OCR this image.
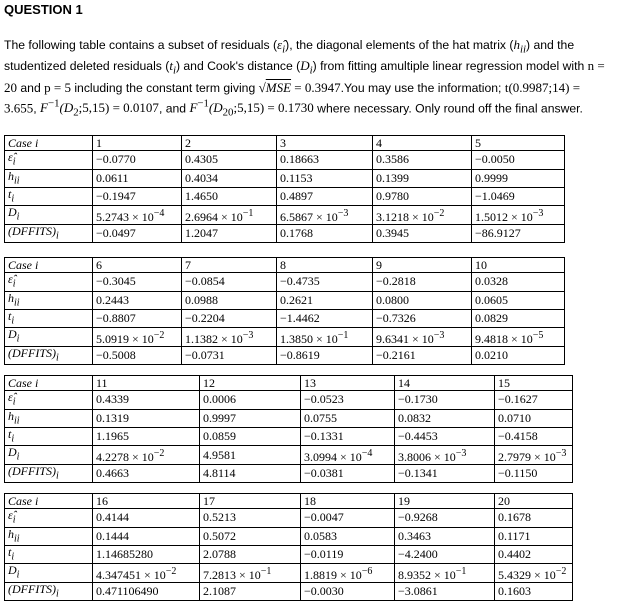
QUESTION 1
The following table contains a subset of residuals $(\varepsilon̂_i)$, the diagonal elements of the hat matrix $(h_{ii})$ and the studentized deleted residuals $(t_i)$ and Cook's distance $(D_i)$ from fitting amultiple linear regression model with n = 20 and p = 5 including the constant term giving √MSE = 0.3947.You may use the information; t(0.9987;14) = 3.655, $F^{-1}(D_2;5,15) = 0.0107$, and $F^{-1}(D_{20};5,15) = 0.1730$ where necessary. Only round off the final answer.
Case i	1	2	3	4	5
$\varepsilon̂_i$	−0.0770	0.4305	0.18663	0.3586	−0.0050
$h_{ii}$	0.0611	0.4034	0.1153	0.1399	0.9999
$t_i$	−0.1947	1.4650	0.4897	0.9780	−1.0469
$D_i$	$5.2743 \times 10^{-4}$	$2.6964 \times 10^{-1}$	$6.5867 \times 10^{-3}$	$3.1218 \times 10^{-2}$	$1.5012 \times 10^{-3}$
$(DFFITS)_i$	−0.0497	1.2047	0.1768	0.3945	−86.9127
Case i	6	7	8	9	10
$\varepsilon̂_i$	−0.3045	−0.0854	−0.4735	−0.2818	0.0328
$h_{ii}$	0.2443	0.0988	0.2621	0.0800	0.0605
$t_i$	−0.8807	−0.2204	−1.4462	−0.7326	0.0829
$D_i$	$5.0919 \times 10^{-2}$	$1.1382 \times 10^{-3}$	$1.3850 \times 10^{-1}$	$9.6341 \times 10^{-3}$	$9.4818 \times 10^{-5}$
$(DFFITS)_i$	−0.5008	−0.0731	−0.8619	−0.2161	0.0210
Case i	11	12	13	14	15
$\varepsilon̂_i$	0.4339	0.0006	−0.0523	−0.1730	−0.1627
$h_{ii}$	0.1319	0.9997	0.0755	0.0832	0.0710
$t_i$	1.1965	0.0859	−0.1331	−0.4453	−0.4158
$D_i$	$4.2278 \times 10^{-2}$	4.9581	$3.0994 \times 10^{-4}$	$3.8006 \times 10^{-3}$	$2.7979 \times 10^{-3}$
$(DFFITS)_i$	0.4663	4.8114	−0.0381	−0.1341	−0.1150
Case i	16	17	18	19	20
$\varepsilon̂_i$	0.4144	0.5213	−0.0047	−0.9268	0.1678
$h_{ii}$	0.1444	0.5072	0.0583	0.3463	0.1171
$t_i$	1.14685280	2.0788	−0.0119	−4.2400	0.4402
$D_i$	$4.347451 \times 10^{-2}$	$7.2813 \times 10^{-1}$	$1.8819 \times 10^{-6}$	$8.9352 \times 10^{-1}$	$5.4329 \times 10^{-2}$
$(DFFITS)_i$	0.471106490	2.1087	−0.0030	−3.0861	0.1603
